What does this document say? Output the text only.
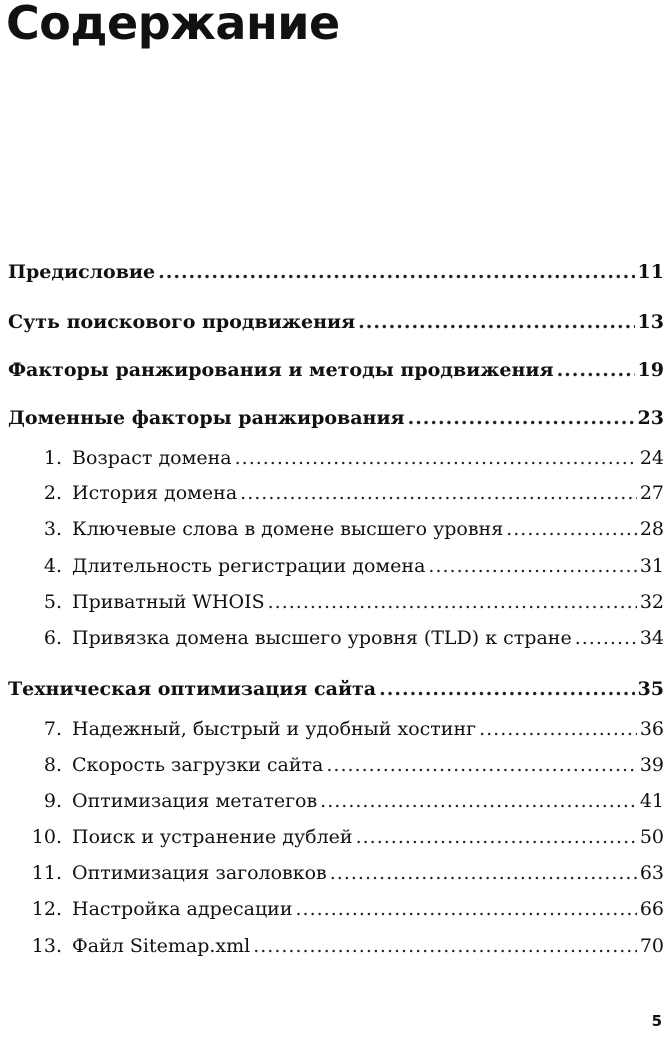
Содержание
Предисловие .....	11
Суть поискового продвижения .....	13
Факторы ранжирования и методы продвижения .....	19
Доменные факторы ранжирования .....	23
1. Возраст домена .....	24
2. История домена .....	27
3. Ключевые слова в домене высшего уровня .....	28
4. Длительность регистрации домена .....	31
5. Приватный WHOIS .....	32
6. Привязка домена высшего уровня (TLD) к стране .....	34
Техническая оптимизация сайта .....	35
7. Надежный, быстрый и удобный хостинг .....	36
8. Скорость загрузки сайта .....	39
9. Оптимизация метатегов .....	41
10. Поиск и устранение дублей .....	50
11. Оптимизация заголовков .....	63
12. Настройка адресации .....	66
13. Файл Sitemap.xml .....	70
5
